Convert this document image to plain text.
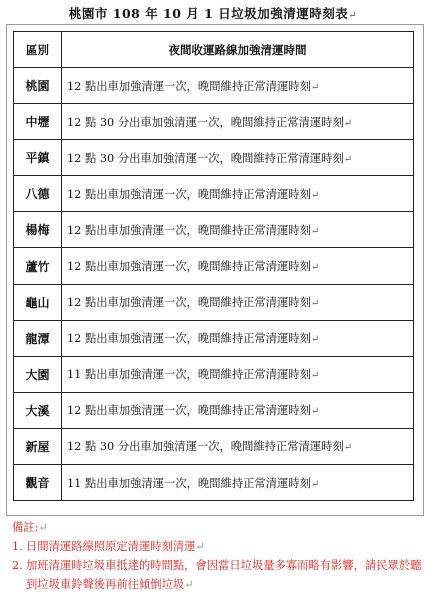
桃園市 108 年 10 月 1 日垃圾加強清運時刻表↵
區別	夜間收運路線加強清運時間
桃園	12 點出車加強清運一次，晚間維持正常清運時刻↵
中壢	12 點 30 分出車加強清運一次，晚間維持正常清運時刻↵
平鎮	12 點 30 分出車加強清運一次，晚間維持正常清運時刻↵
八德	12 點出車加強清運一次，晚間維持正常清運時刻↵
楊梅	12 點出車加強清運一次，晚間維持正常清運時刻↵
蘆竹	12 點出車加強清運一次，晚間維持正常清運時刻↵
龜山	12 點出車加強清運一次，晚間維持正常清運時刻↵
龍潭	12 點出車加強清運一次，晚間維持正常清運時刻↵
大園	11 點出車加強清運一次，晚間維持正常清運時刻↵
大溪	12 點出車加強清運一次，晚間維持正常清運時刻↵
新屋	12 點 30 分出車加強清運一次，晚間維持正常清運時刻↵
觀音	11 點出車加強清運一次，晚間維持正常清運時刻↵
備註:↵
1. 日間清運路線照原定清運時刻清運↵
2. 加班清運時垃圾車抵達的時間點，會因當日垃圾量多寡而略有影響，請民眾於聽到垃圾車鈴聲後再前往傾倒垃圾↵
